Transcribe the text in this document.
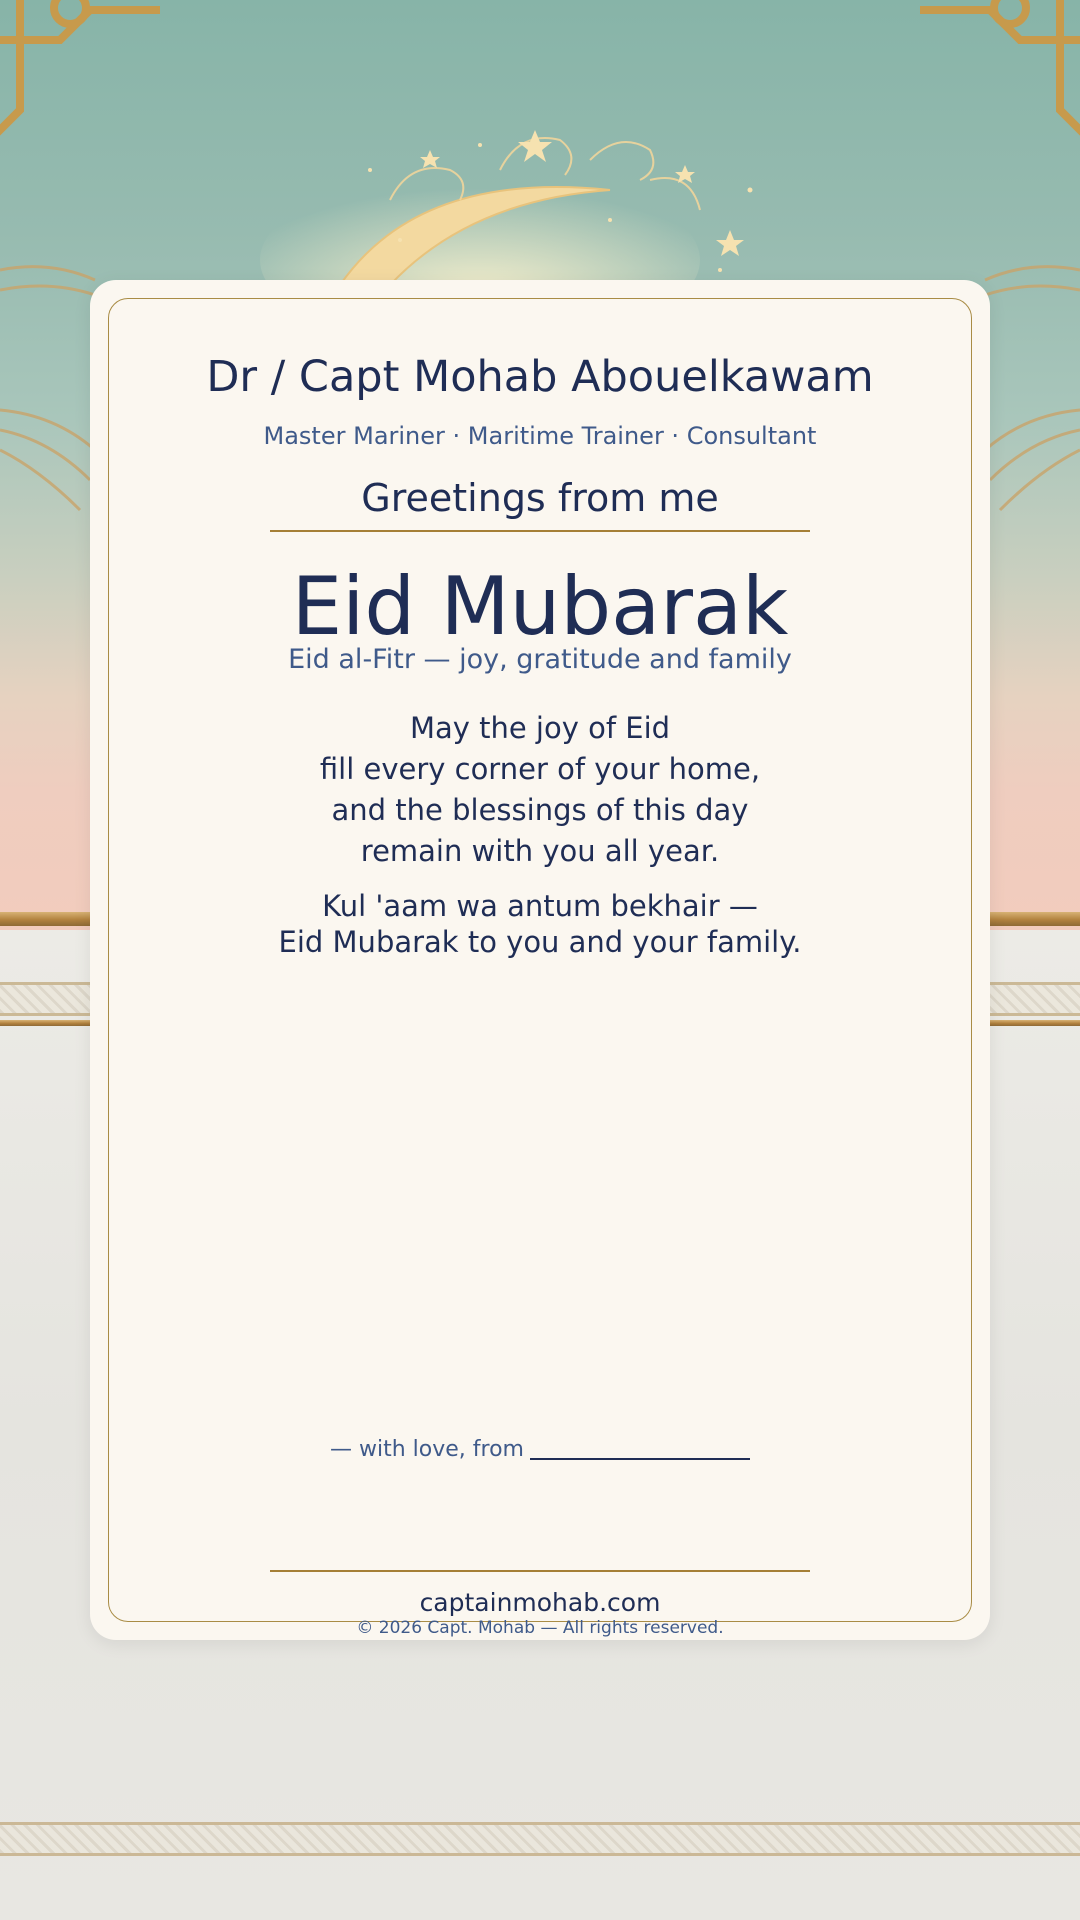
Dr / Capt Mohab Abouelkawam

Master Mariner · Maritime Trainer · Consultant

Greetings from me

Eid Mubarak

Eid al-Fitr — joy, gratitude and family

May the joy of Eid
fill every corner of your home,
and the blessings of this day
remain with you all year.
Kul 'aam wa antum bekhair —
Eid Mubarak to you and your family.

— with love, from

captainmohab.com

© 2026 Capt. Mohab — All rights reserved.
